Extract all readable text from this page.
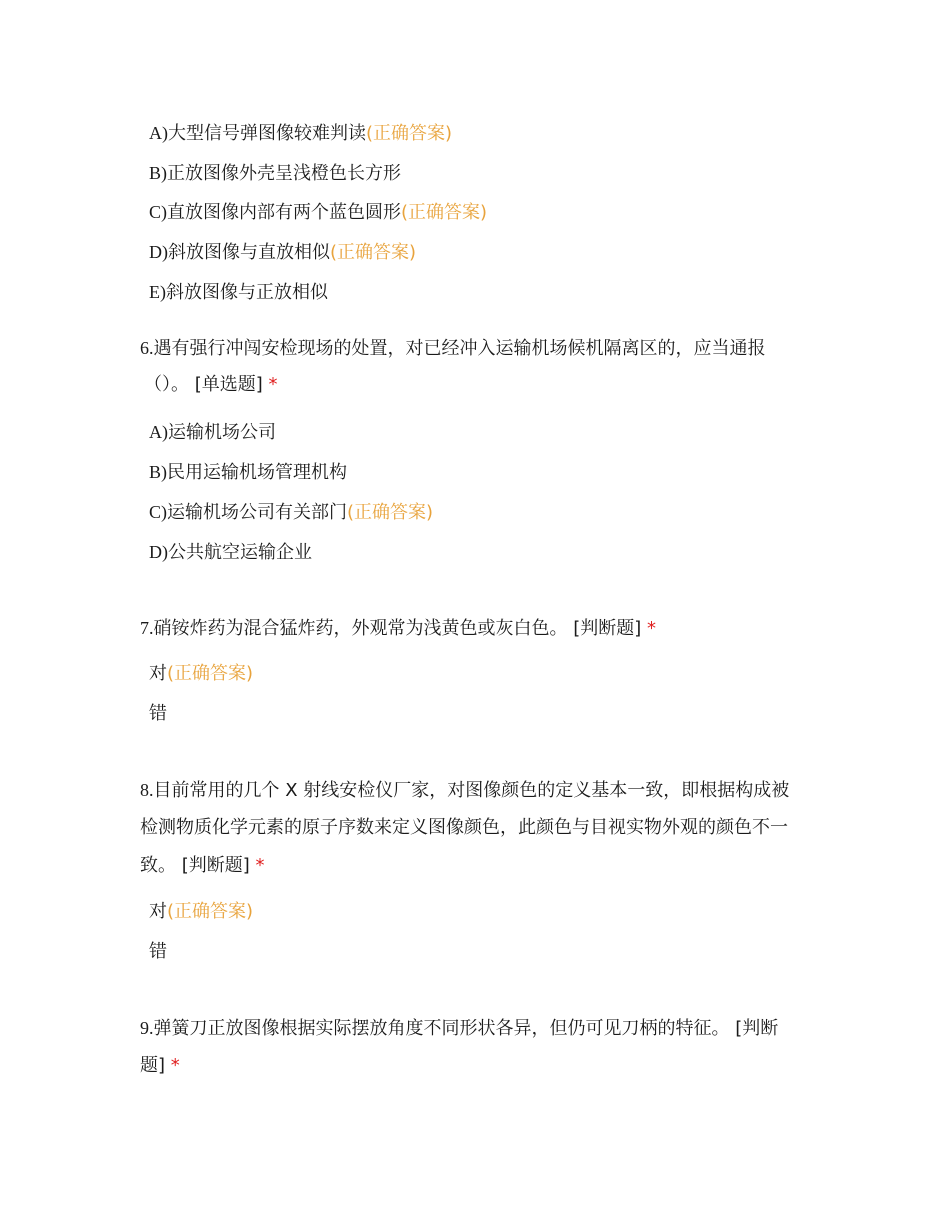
A)大型信号弹图像较难判读(正确答案)
B)正放图像外壳呈浅橙色长方形
C)直放图像内部有两个蓝色圆形(正确答案)
D)斜放图像与直放相似(正确答案)
E)斜放图像与正放相似
6.遇有强行冲闯安检现场的处置，对已经冲入运输机场候机隔离区的，应当通报
（）。 [单选题] *
A)运输机场公司
B)民用运输机场管理机构
C)运输机场公司有关部门(正确答案)
D)公共航空运输企业
7.硝铵炸药为混合猛炸药，外观常为浅黄色或灰白色。 [判断题] *
对(正确答案)
错
8.目前常用的几个 X 射线安检仪厂家，对图像颜色的定义基本一致，即根据构成被
检测物质化学元素的原子序数来定义图像颜色，此颜色与目视实物外观的颜色不一
致。 [判断题] *
对(正确答案)
错
9.弹簧刀正放图像根据实际摆放角度不同形状各异，但仍可见刀柄的特征。 [判断
题] *
